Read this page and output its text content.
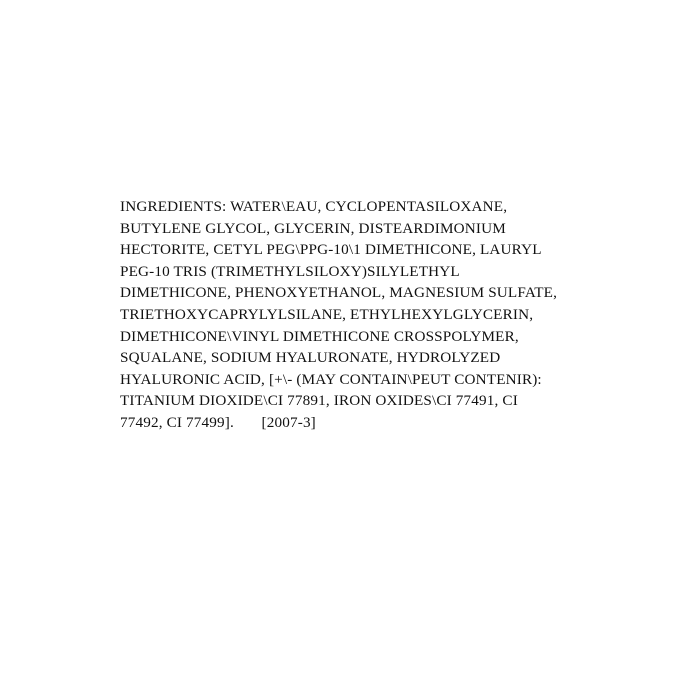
INGREDIENTS: WATER\EAU, CYCLOPENTASILOXANE, BUTYLENE GLYCOL, GLYCERIN, DISTEARDIMONIUM HECTORITE, CETYL PEG\PPG-10\1 DIMETHICONE, LAURYL PEG-10 TRIS (TRIMETHYLSILOXY)SILYLETHYL DIMETHICONE, PHENOXYETHANOL, MAGNESIUM SULFATE, TRIETHOXYCAPRYLYLSILANE, ETHYLHEXYLGLYCERIN, DIMETHICONE\VINYL DIMETHICONE CROSSPOLYMER, SQUALANE, SODIUM HYALURONATE, HYDROLYZED HYALURONIC ACID, [+\- (MAY CONTAIN\PEUT CONTENIR): TITANIUM DIOXIDE\CI 77891, IRON OXIDES\CI 77491, CI 77492, CI 77499].       [2007-3]
